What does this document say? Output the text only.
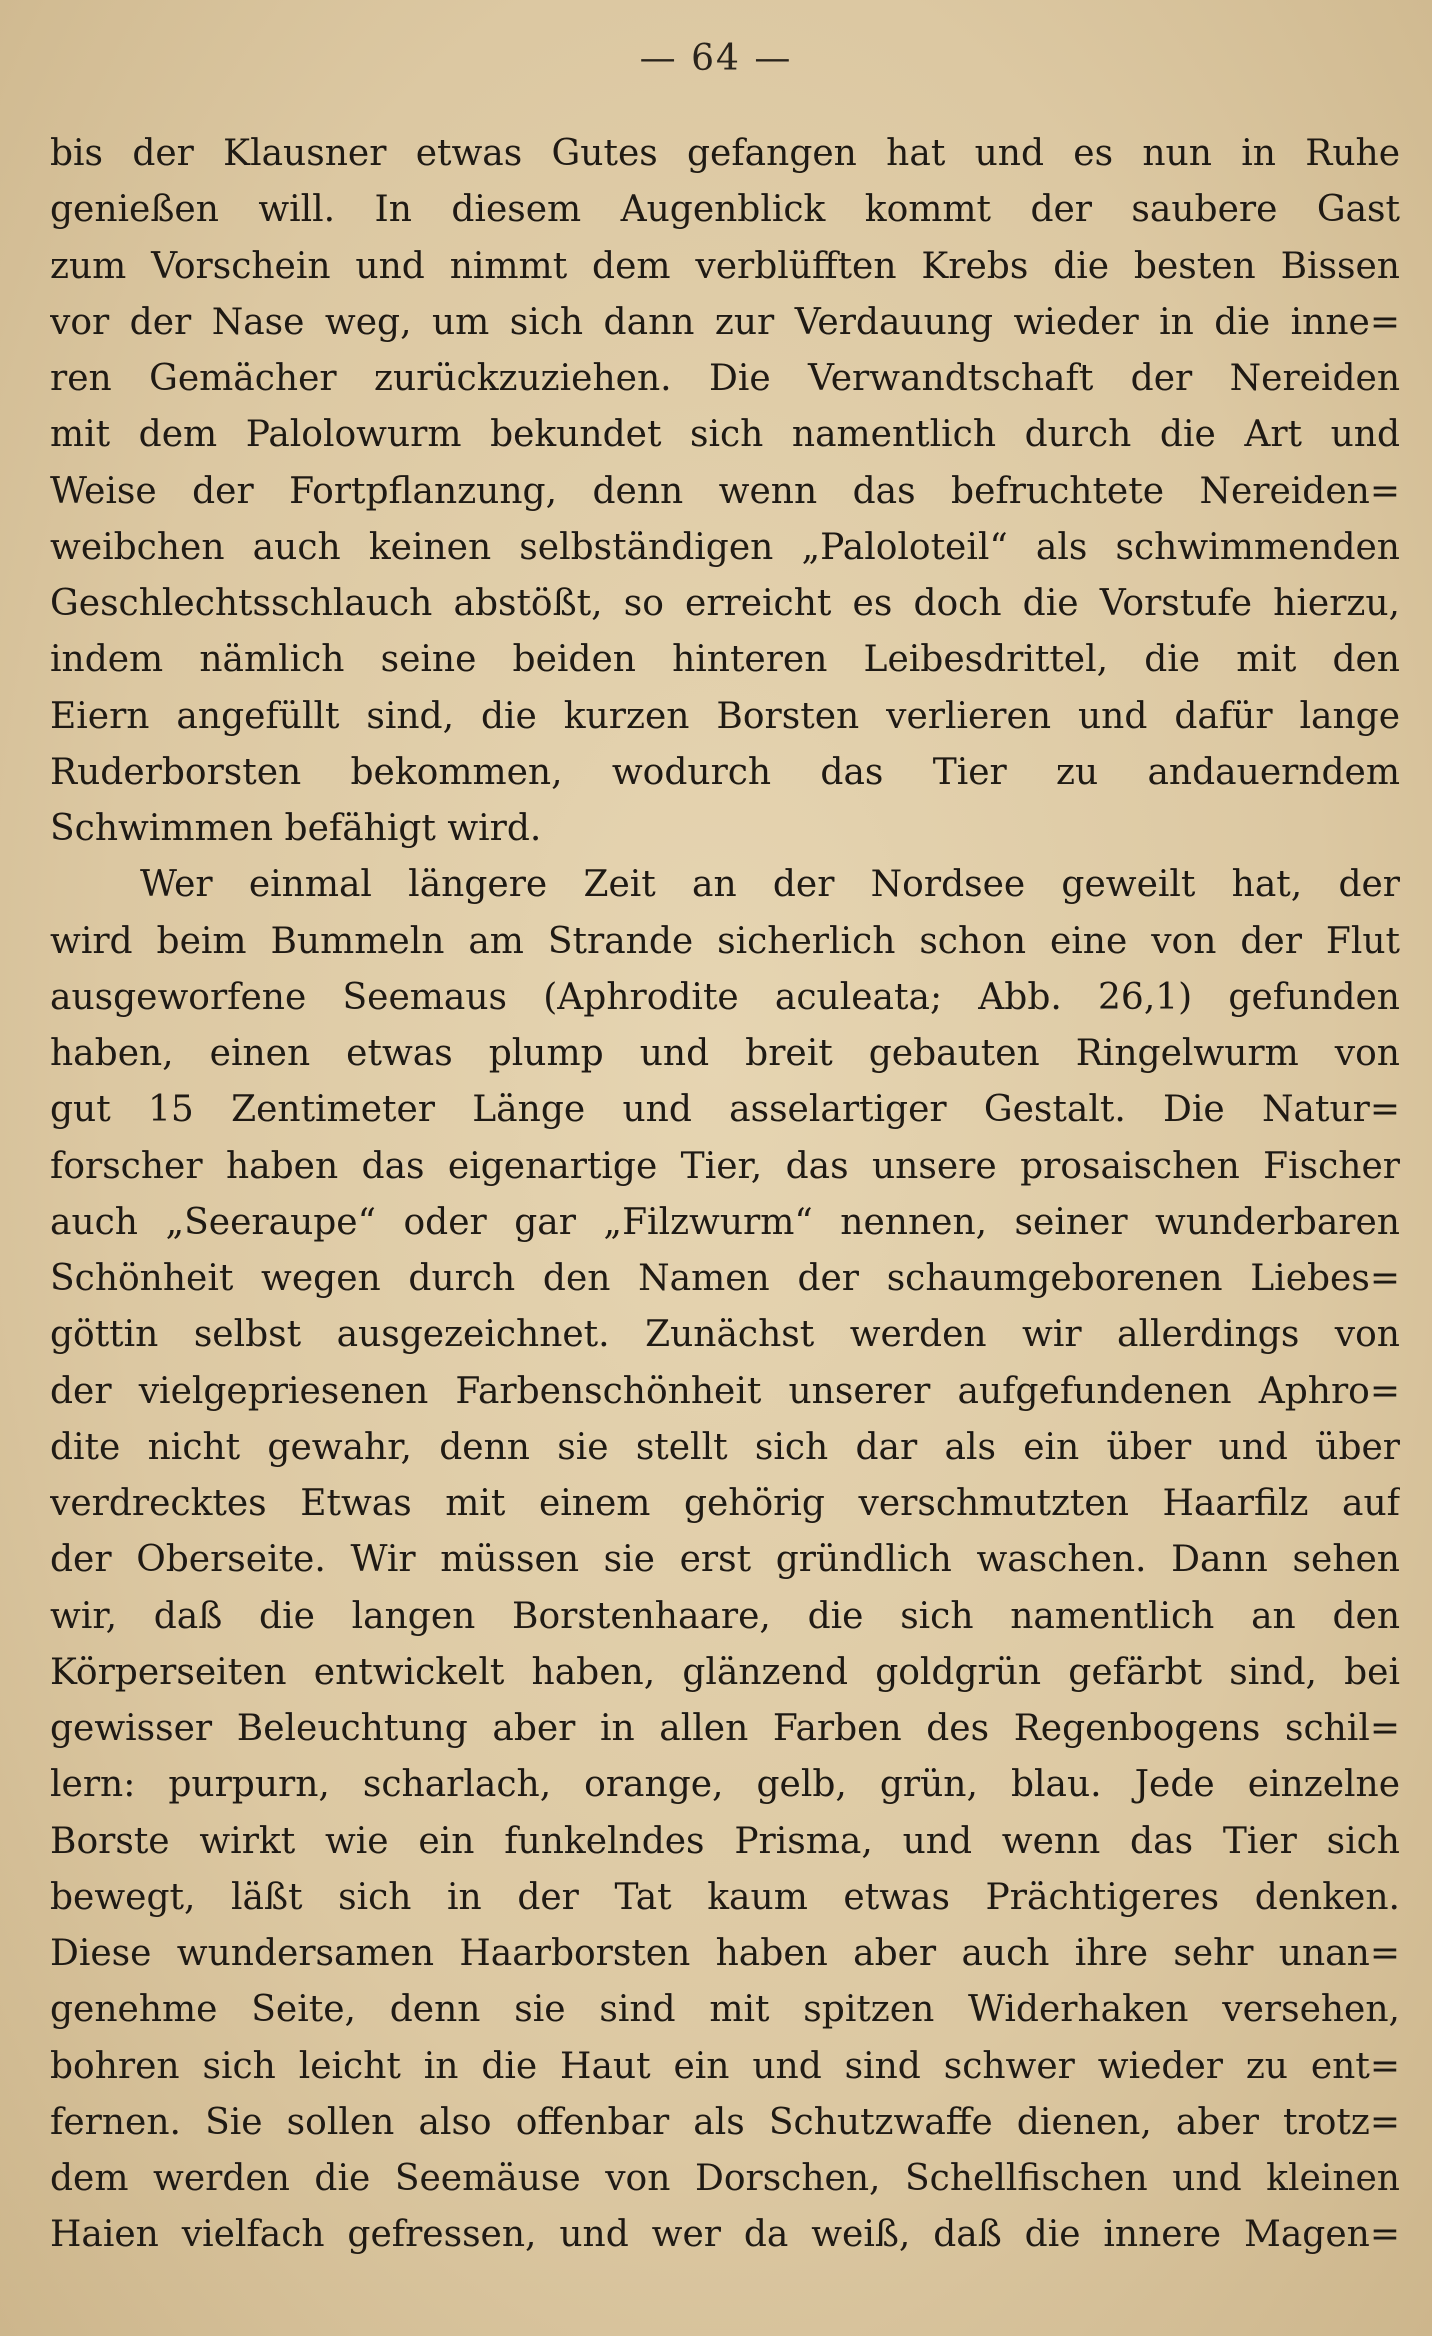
— 64 —
bis der Klausner etwas Gutes gefangen hat und es nun in Ruhe
genießen will. In diesem Augenblick kommt der saubere Gast
zum Vorschein und nimmt dem verblüfften Krebs die besten Bissen
vor der Nase weg, um sich dann zur Verdauung wieder in die inne=
ren Gemächer zurückzuziehen. Die Verwandtschaft der Nereiden
mit dem Palolowurm bekundet sich namentlich durch die Art und
Weise der Fortpflanzung, denn wenn das befruchtete Nereiden=
weibchen auch keinen selbständigen „Paloloteil“ als schwimmenden
Geschlechtsschlauch abstößt, so erreicht es doch die Vorstufe hierzu,
indem nämlich seine beiden hinteren Leibesdrittel, die mit den
Eiern angefüllt sind, die kurzen Borsten verlieren und dafür lange
Ruderborsten bekommen, wodurch das Tier zu andauerndem
Schwimmen befähigt wird.
Wer einmal längere Zeit an der Nordsee geweilt hat, der
wird beim Bummeln am Strande sicherlich schon eine von der Flut
ausgeworfene Seemaus (Aphrodite aculeata; Abb. 26,1) gefunden
haben, einen etwas plump und breit gebauten Ringelwurm von
gut 15 Zentimeter Länge und asselartiger Gestalt. Die Natur=
forscher haben das eigenartige Tier, das unsere prosaischen Fischer
auch „Seeraupe“ oder gar „Filzwurm“ nennen, seiner wunderbaren
Schönheit wegen durch den Namen der schaumgeborenen Liebes=
göttin selbst ausgezeichnet. Zunächst werden wir allerdings von
der vielgepriesenen Farbenschönheit unserer aufgefundenen Aphro=
dite nicht gewahr, denn sie stellt sich dar als ein über und über
verdrecktes Etwas mit einem gehörig verschmutzten Haarfilz auf
der Oberseite. Wir müssen sie erst gründlich waschen. Dann sehen
wir, daß die langen Borstenhaare, die sich namentlich an den
Körperseiten entwickelt haben, glänzend goldgrün gefärbt sind, bei
gewisser Beleuchtung aber in allen Farben des Regenbogens schil=
lern: purpurn, scharlach, orange, gelb, grün, blau. Jede einzelne
Borste wirkt wie ein funkelndes Prisma, und wenn das Tier sich
bewegt, läßt sich in der Tat kaum etwas Prächtigeres denken.
Diese wundersamen Haarborsten haben aber auch ihre sehr unan=
genehme Seite, denn sie sind mit spitzen Widerhaken versehen,
bohren sich leicht in die Haut ein und sind schwer wieder zu ent=
fernen. Sie sollen also offenbar als Schutzwaffe dienen, aber trotz=
dem werden die Seemäuse von Dorschen, Schellfischen und kleinen
Haien vielfach gefressen, und wer da weiß, daß die innere Magen=
